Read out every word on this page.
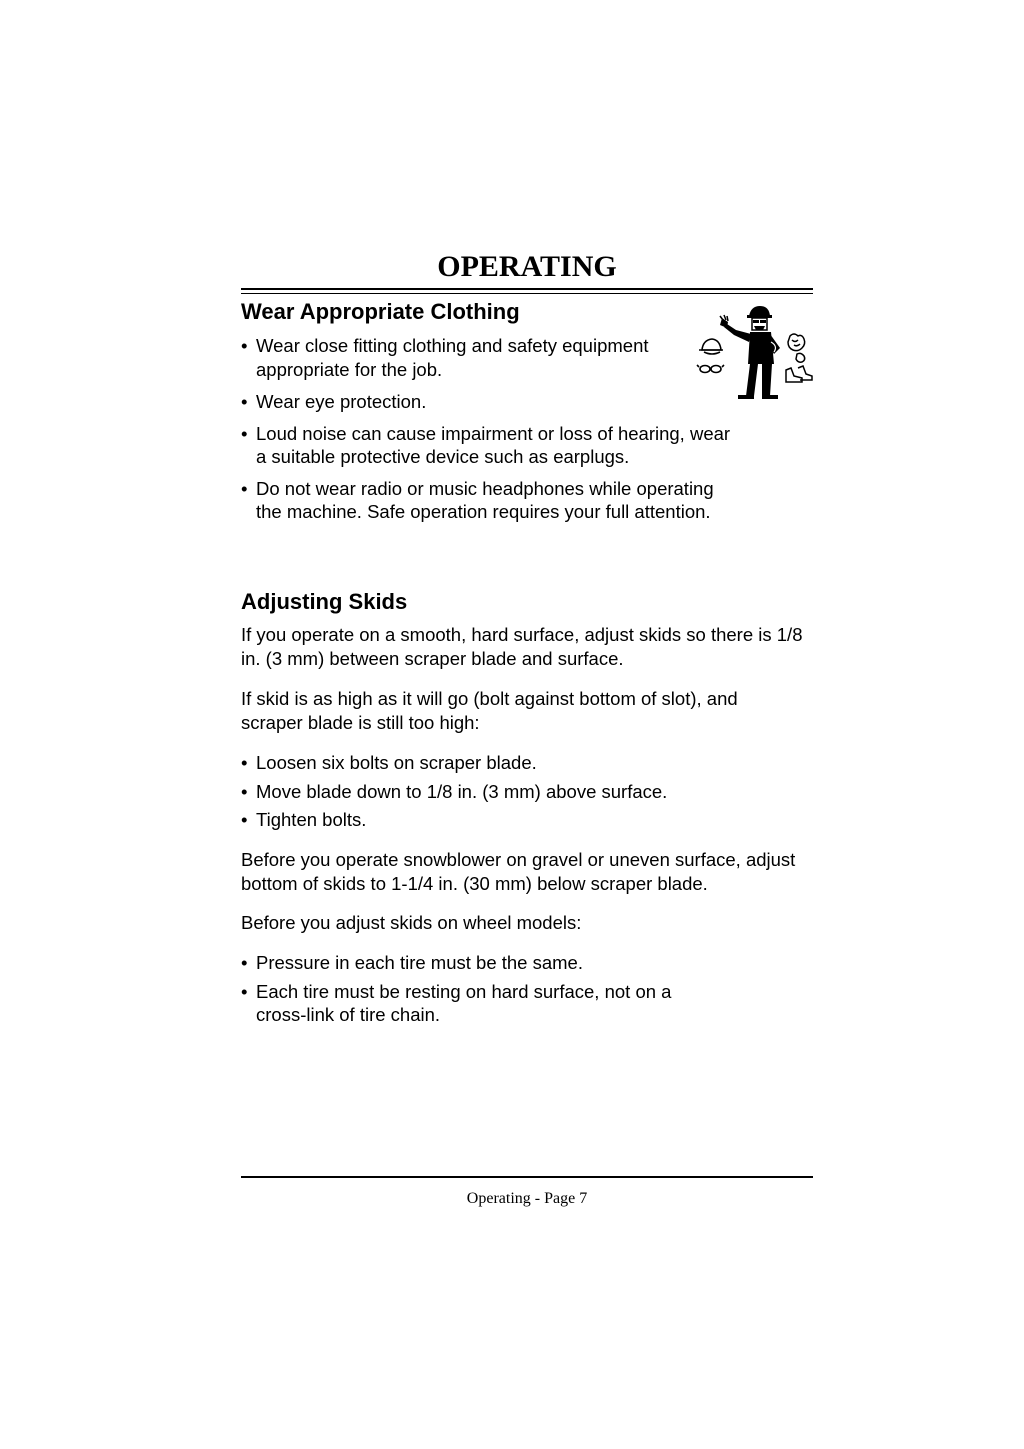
OPERATING
Wear Appropriate Clothing
• Wear close fitting clothing and safety equipment appropriate for the job.
• Wear eye protection.
• Loud noise can cause impairment or loss of hearing, wear a suitable protective device such as earplugs.
• Do not wear radio or music headphones while operating the machine. Safe operation requires your full attention.
Adjusting Skids

If you operate on a smooth, hard surface, adjust skids so there is 1/8 in. (3 mm) between scraper blade and surface.

If skid is as high as it will go (bolt against bottom of slot), and scraper blade is still too high:

• Loosen six bolts on scraper blade.
• Move blade down to 1/8 in. (3 mm) above surface.
• Tighten bolts.

Before you operate snowblower on gravel or uneven surface, adjust bottom of skids to 1-1/4 in. (30 mm) below scraper blade.

Before you adjust skids on wheel models:

• Pressure in each tire must be the same.
• Each tire must be resting on hard surface, not on a cross-link of tire chain.
Operating - Page 7
